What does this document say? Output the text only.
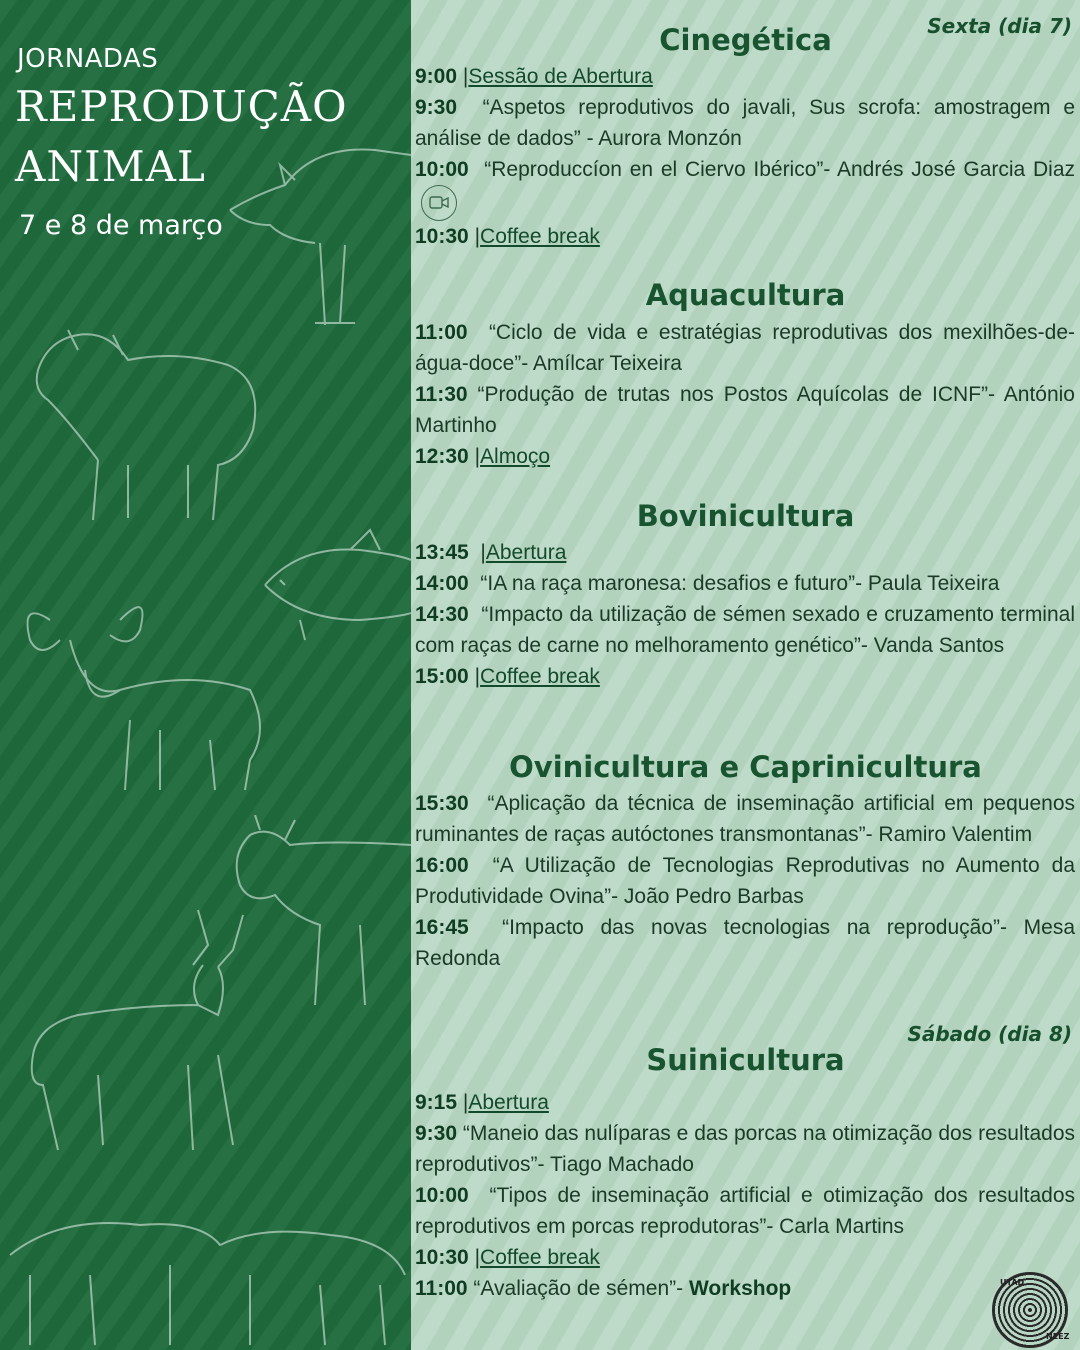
JORNADAS
REPRODUÇÃO
ANIMAL
7 e 8 de março
Sexta (dia 7)
Cinegética
9:00 |Sessão de Abertura
9:30 “Aspetos reprodutivos do javali, Sus scrofa: amostragem e análise de dados” - Aurora Monzón
10:00 “Reproduccíon en el Ciervo Ibérico”- Andrés José Garcia Diaz
10:30 |Coffee break
Aquacultura
11:00 “Ciclo de vida e estratégias reprodutivas dos mexilhões-de-água-doce”- Amílcar Teixeira
11:30 “Produção de trutas nos Postos Aquícolas de ICNF”- António Martinho
12:30 |Almoço
Bovinicultura
13:45 |Abertura
14:00 “IA na raça maronesa: desafios e futuro”- Paula Teixeira
14:30 “Impacto da utilização de sémen sexado e cruzamento terminal com raças de carne no melhoramento genético”- Vanda Santos
15:00 |Coffee break
Ovinicultura e Caprinicultura
15:30 “Aplicação da técnica de inseminação artificial em pequenos ruminantes de raças autóctones transmontanas”- Ramiro Valentim
16:00 “A Utilização de Tecnologias Reprodutivas no Aumento da Produtividade Ovina”- João Pedro Barbas
16:45 “Impacto das novas tecnologias na reprodução”- Mesa Redonda
Sábado (dia 8)
Suinicultura
9:15 |Abertura
9:30 “Maneio das nulíparas e das porcas na otimização dos resultados reprodutivos”- Tiago Machado
10:00 “Tipos de inseminação artificial e otimização dos resultados reprodutivos em porcas reprodutoras”- Carla Martins
10:30 |Coffee break
11:00 “Avaliação de sémen”- Workshop	UTAD
NEEZ
